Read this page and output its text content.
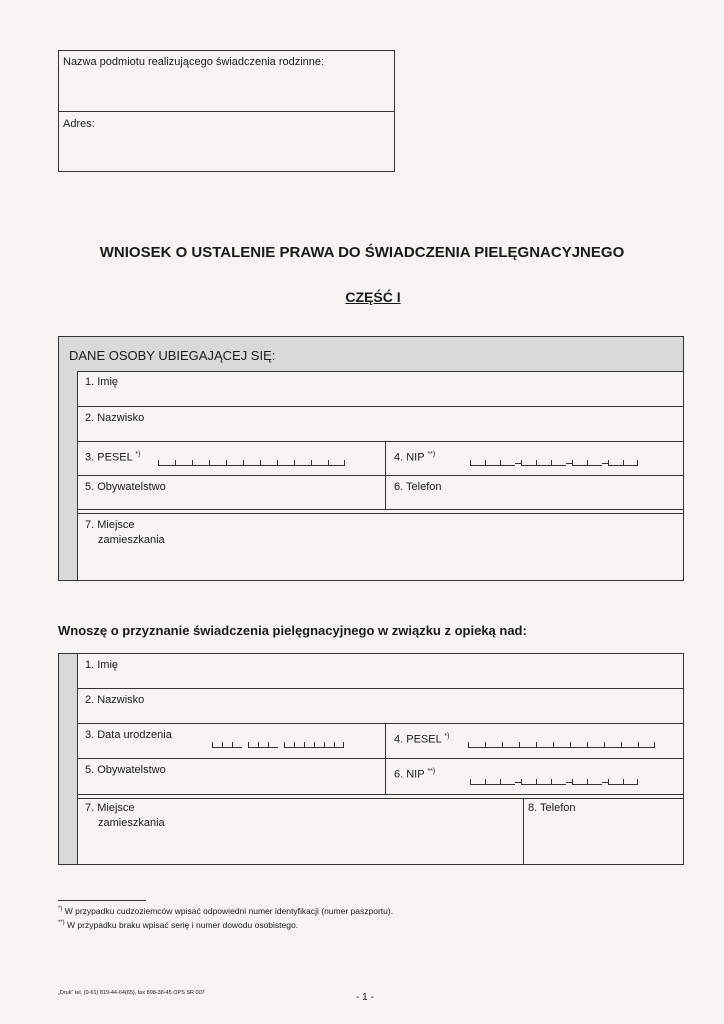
Nazwa podmiotu realizującego świadczenia rodzinne:
Adres:
WNIOSEK O USTALENIE PRAWA DO ŚWIADCZENIA PIELĘGNACYJNEGO
CZĘŚĆ I
DANE OSOBY UBIEGAJĄCEJ SIĘ:
1. Imię
2. Nazwisko
3. PESEL *)	4. NIP **)
5. Obywatelstwo	6. Telefon
7. Miejsce
zamieszkania
Wnoszę o przyznanie świadczenia pielęgnacyjnego w związku z opieką nad:
1. Imię
2. Nazwisko
3. Data urodzenia	4. PESEL *)
5. Obywatelstwo	6. NIP **)
7. Miejsce
zamieszkania
8. Telefon
*) W przypadku cudzoziemców wpisać odpowiedni numer identyfikacji (numer paszportu).
**) W przypadku braku wpisać serię i numer dowodu osobistego.
„Druk” tel. (0-61) 819-44-64(65), fax 898-38-45 OPS SR 007	- 1 -
